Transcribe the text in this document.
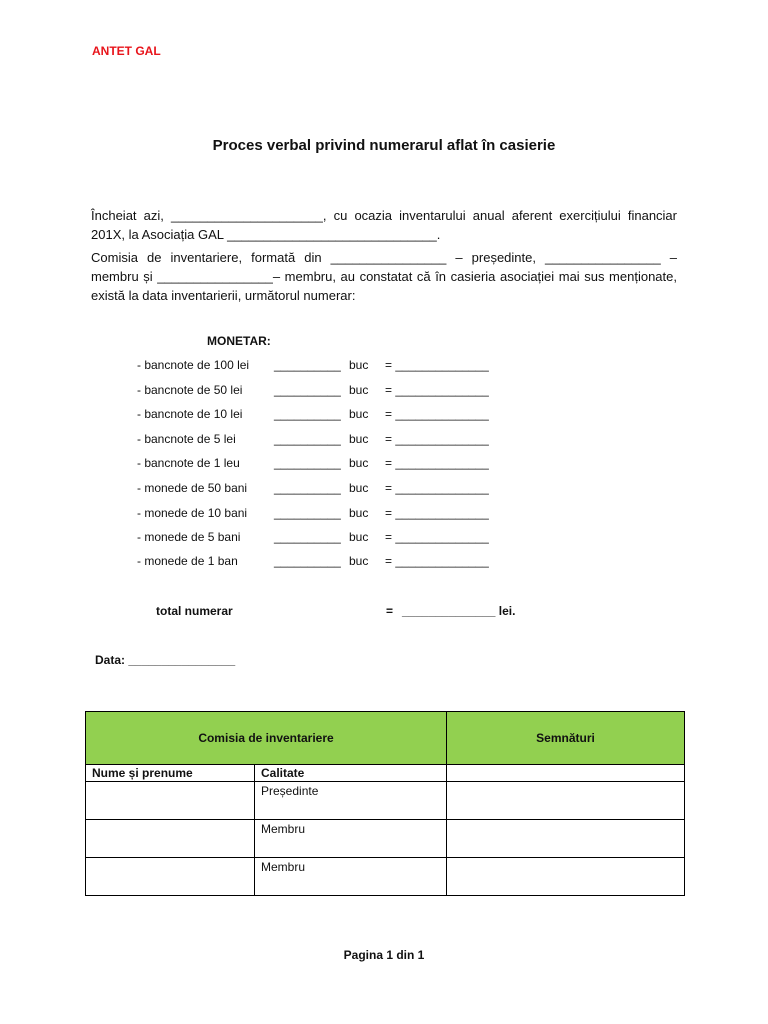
ANTET GAL
Proces verbal privind numerarul aflat în casierie
Încheiat azi, _____________________, cu ocazia inventarului anual aferent exercițiului financiar 201X, la Asociația GAL _____________________________.
Comisia de inventariere, formată din ________________ – președinte, ________________ – membru și ________________– membru, au constatat că în casieria asociației mai sus menționate, există la data inventarierii, următorul numerar:
MONETAR:
- bancnote de 100 lei __________ buc = ______________
- bancnote de 50 lei	__________ buc = ______________
- bancnote de 10 lei	__________ buc = ______________
- bancnote de 5 lei	__________ buc = ______________
- bancnote de 1 leu	__________ buc = ______________
- monede de 50 bani __________ buc = ______________
- monede de 10 bani __________ buc = ______________
- monede de 5 bani	__________ buc = ______________
- monede de 1 ban	__________ buc = ______________
total numerar	= ______________ lei.
Data: ________________
Comisia de inventariere		Semnături
Nume și prenume	Calitate	
	Președinte	
	Membru	
	Membru	
Pagina 1 din 1
